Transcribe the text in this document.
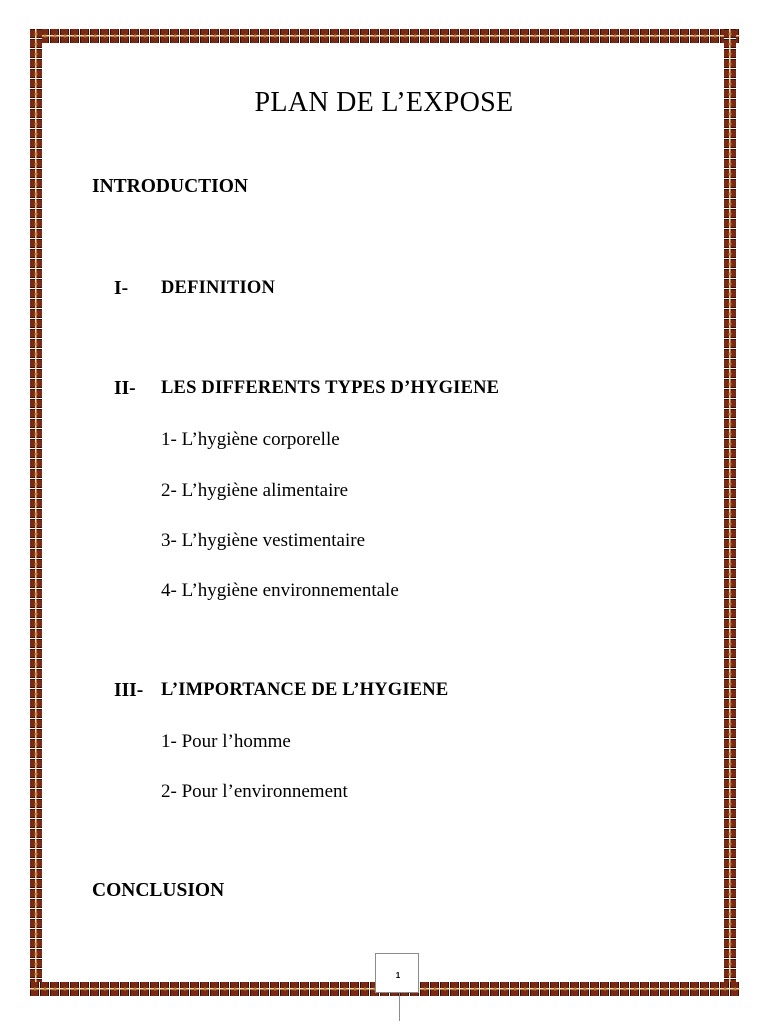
PLAN DE L’EXPOSE
INTRODUCTION
I- DEFINITION
II- LES DIFFERENTS TYPES D’HYGIENE
1- L’hygiène corporelle
2- L’hygiène alimentaire
3- L’hygiène vestimentaire
4- L’hygiène environnementale
III- L’IMPORTANCE DE L’HYGIENE
1- Pour l’homme
2- Pour l’environnement
CONCLUSION
1
